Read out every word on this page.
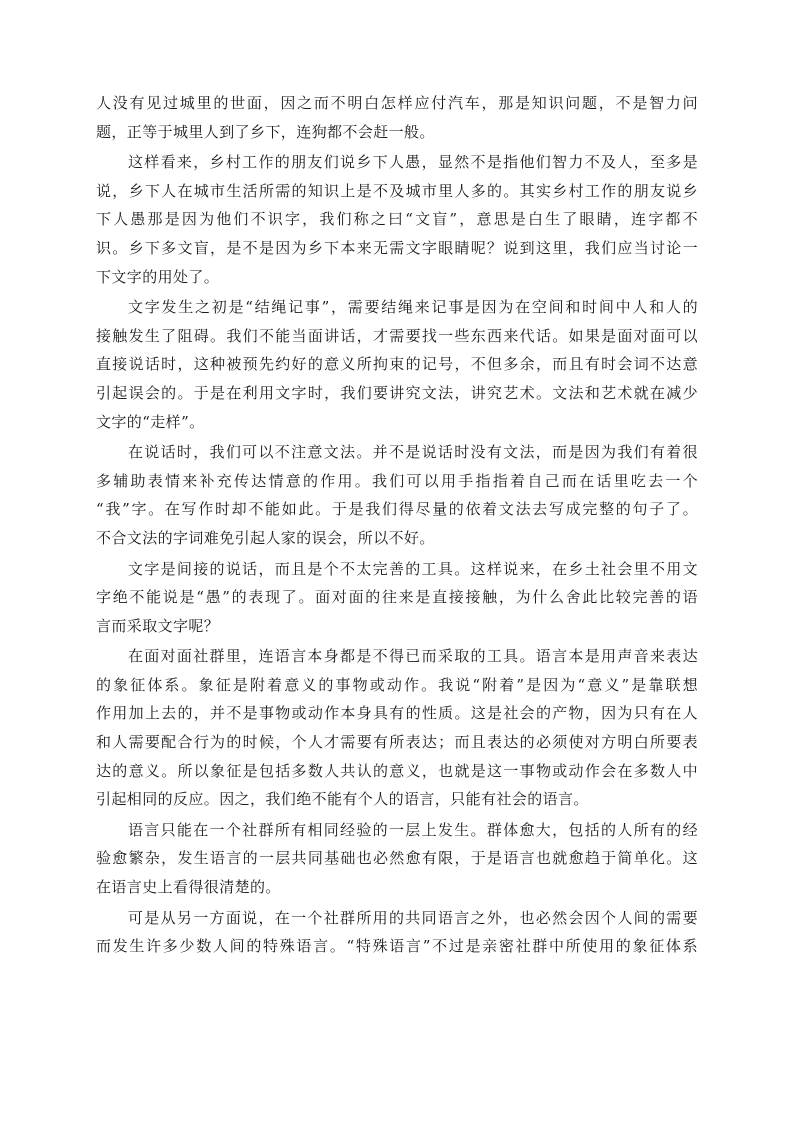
人没有见过城里的世面，因之而不明白怎样应付汽车，那是知识问题，不是智力问
题，正等于城里人到了乡下，连狗都不会赶一般。
这样看来，乡村工作的朋友们说乡下人愚，显然不是指他们智力不及人，至多是
说，乡下人在城市生活所需的知识上是不及城市里人多的。其实乡村工作的朋友说乡
下人愚那是因为他们不识字，我们称之曰“文盲”，意思是白生了眼睛，连字都不
识。乡下多文盲，是不是因为乡下本来无需文字眼睛呢？说到这里，我们应当讨论一
下文字的用处了。
文字发生之初是“结绳记事”，需要结绳来记事是因为在空间和时间中人和人的
接触发生了阻碍。我们不能当面讲话，才需要找一些东西来代话。如果是面对面可以
直接说话时，这种被预先约好的意义所拘束的记号，不但多余，而且有时会词不达意
引起误会的。于是在利用文字时，我们要讲究文法，讲究艺术。文法和艺术就在减少
文字的“走样”。
在说话时，我们可以不注意文法。并不是说话时没有文法，而是因为我们有着很
多辅助表情来补充传达情意的作用。我们可以用手指指着自己而在话里吃去一个
“我”字。在写作时却不能如此。于是我们得尽量的依着文法去写成完整的句子了。
不合文法的字词难免引起人家的误会，所以不好。
文字是间接的说话，而且是个不太完善的工具。这样说来，在乡土社会里不用文
字绝不能说是“愚”的表现了。面对面的往来是直接接触，为什么舍此比较完善的语
言而采取文字呢？
在面对面社群里，连语言本身都是不得已而采取的工具。语言本是用声音来表达
的象征体系。象征是附着意义的事物或动作。我说“附着”是因为“意义”是靠联想
作用加上去的，并不是事物或动作本身具有的性质。这是社会的产物，因为只有在人
和人需要配合行为的时候，个人才需要有所表达；而且表达的必须使对方明白所要表
达的意义。所以象征是包括多数人共认的意义，也就是这一事物或动作会在多数人中
引起相同的反应。因之，我们绝不能有个人的语言，只能有社会的语言。
语言只能在一个社群所有相同经验的一层上发生。群体愈大，包括的人所有的经
验愈繁杂，发生语言的一层共同基础也必然愈有限，于是语言也就愈趋于简单化。这
在语言史上看得很清楚的。
可是从另一方面说，在一个社群所用的共同语言之外，也必然会因个人间的需要
而发生许多少数人间的特殊语言。“特殊语言”不过是亲密社群中所使用的象征体系
